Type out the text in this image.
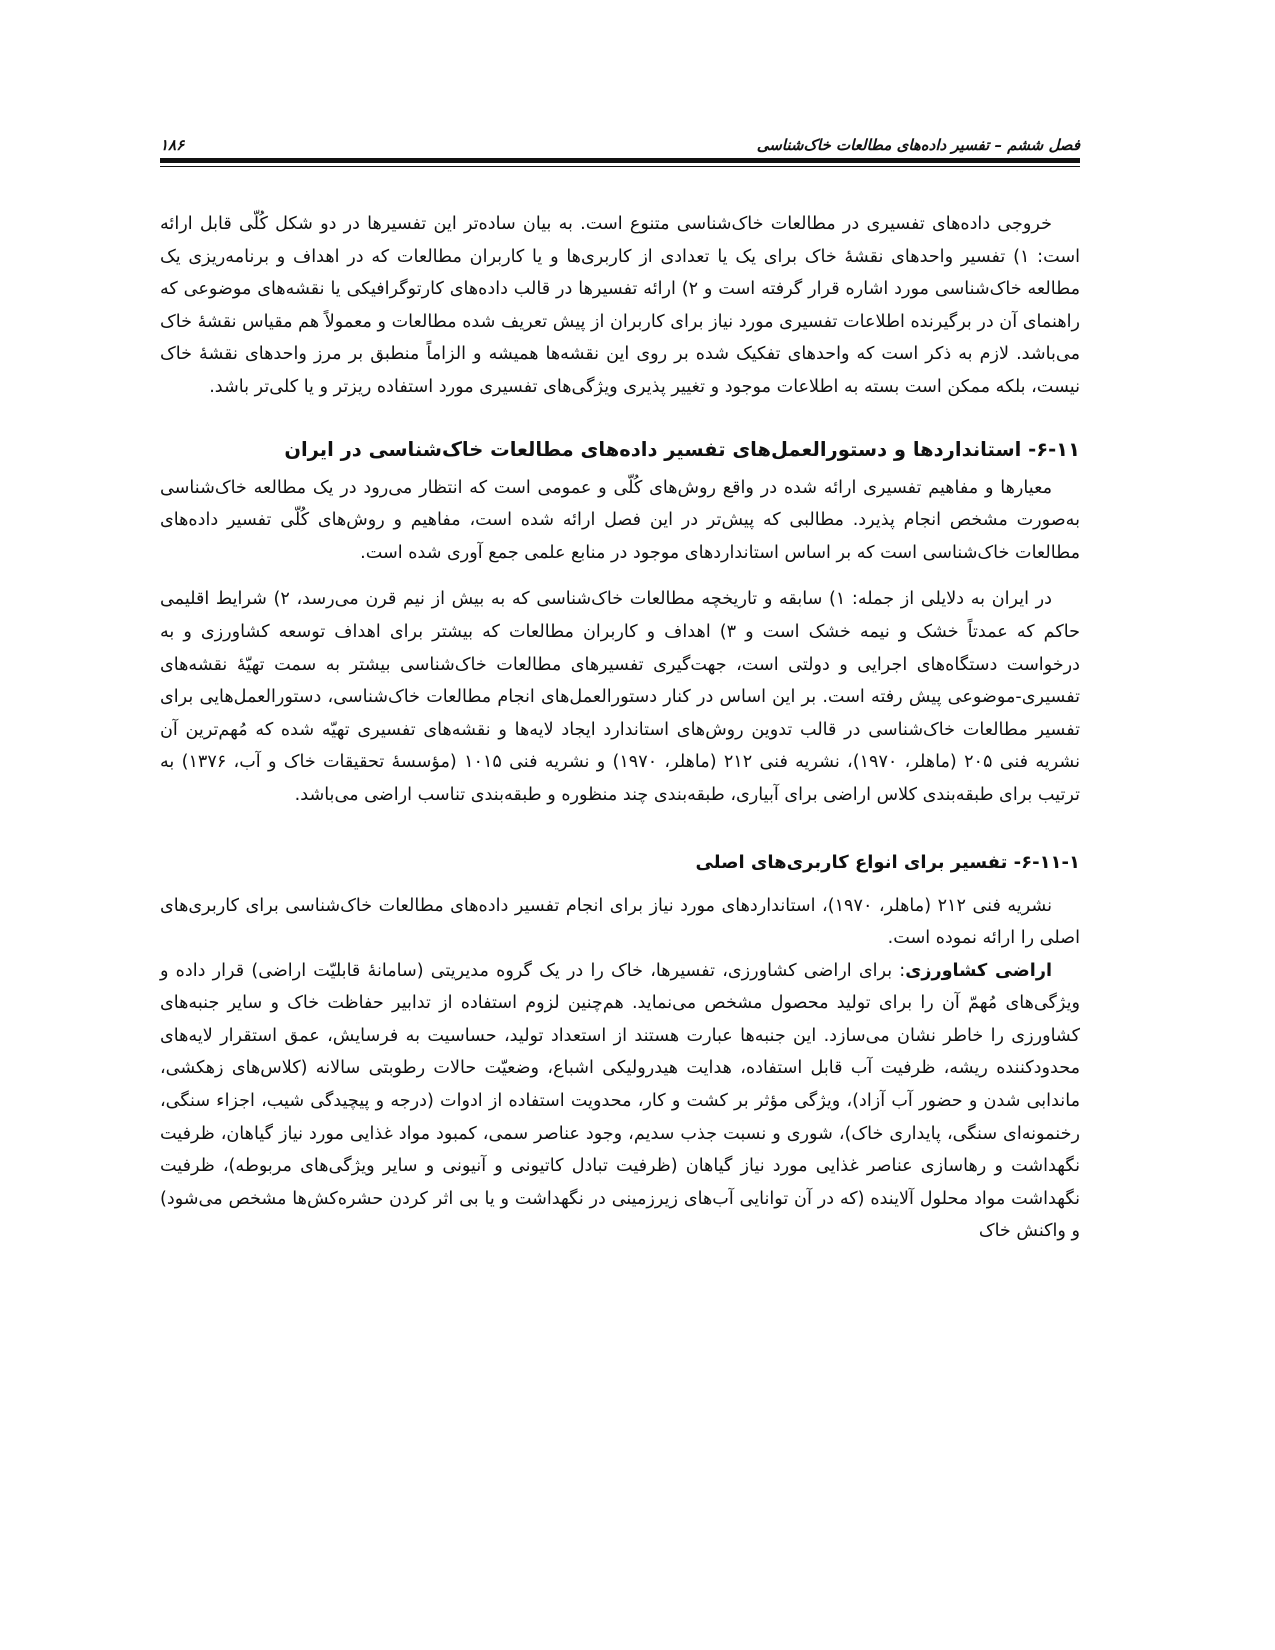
فصل ششم – تفسیر داده‌های مطالعات خاک‌شناسی
۱۸۶

خروجی داده‌های تفسیری در مطالعات خاک‌شناسی متنوع است. به بیان ساده‌تر این تفسیرها در دو شکل کُلّی قابل ارائه است: ۱) تفسیر واحدهای نقشهٔ خاک برای یک یا تعدادی از کاربری‌ها و یا کاربران مطالعات که در اهداف و برنامه‌ریزی یک مطالعه خاک‌شناسی مورد اشاره قرار گرفته است و ۲) ارائه تفسیرها در قالب داده‌های کارتوگرافیکی یا نقشه‌های موضوعی که راهنمای آن در برگیرنده اطلاعات تفسیری مورد نیاز برای کاربران از پیش تعریف شده مطالعات و معمولاً هم مقیاس نقشهٔ خاک می‌باشد. لازم به ذکر است که واحدهای تفکیک شده بر روی این نقشه‌ها همیشه و الزاماً منطبق بر مرز واحدهای نقشهٔ خاک نیست، بلکه ممکن است بسته به اطلاعات موجود و تغییر پذیری ویژگی‌های تفسیری مورد استفاده ریزتر و یا کلی‌تر باشد.

۶-۱۱- استانداردها و دستورالعمل‌های تفسیر داده‌های مطالعات خاک‌شناسی در ایران

معیارها و مفاهیم تفسیری ارائه شده در واقع روش‌های کُلّی و عمومی است که انتظار می‌رود در یک مطالعه خاک‌شناسی به‌صورت مشخص انجام پذیرد. مطالبی که پیش‌تر در این فصل ارائه شده است، مفاهیم و روش‌های کُلّی تفسیر داده‌های مطالعات خاک‌شناسی است که بر اساس استانداردهای موجود در منابع علمی جمع آوری شده است.

در ایران به دلایلی از جمله: ۱) سابقه و تاریخچه مطالعات خاک‌شناسی که به بیش از نیم قرن می‌رسد، ۲) شرایط اقلیمی حاکم که عمدتاً خشک و نیمه خشک است و ۳) اهداف و کاربران مطالعات که بیشتر برای اهداف توسعه کشاورزی و به درخواست دستگاه‌های اجرایی و دولتی است، جهت‌گیری تفسیرهای مطالعات خاک‌شناسی بیشتر به سمت تهیّهٔ نقشه‌های تفسیری-موضوعی پیش رفته است. بر این اساس در کنار دستورالعمل‌های انجام مطالعات خاک‌شناسی، دستورالعمل‌هایی برای تفسیر مطالعات خاک‌شناسی در قالب تدوین روش‌های استاندارد ایجاد لایه‌ها و نقشه‌های تفسیری تهیّه شده که مُهم‌ترین آن نشریه فنی ۲۰۵ (ماهلر، ۱۹۷۰)، نشریه فنی ۲۱۲ (ماهلر، ۱۹۷۰) و نشریه فنی ۱۰۱۵ (مؤسسهٔ تحقیقات خاک و آب، ۱۳۷۶) به ترتیب برای طبقه‌بندی کلاس اراضی برای آبیاری، طبقه‌بندی چند منظوره و طبقه‌بندی تناسب اراضی می‌باشد.

۶-۱۱-۱- تفسیر برای انواع کاربری‌های اصلی

نشریه فنی ۲۱۲ (ماهلر، ۱۹۷۰)، استانداردهای مورد نیاز برای انجام تفسیر داده‌های مطالعات خاک‌شناسی برای کاربری‌های اصلی را ارائه نموده است.

اراضی کشاورزی: برای اراضی کشاورزی، تفسیرها، خاک را در یک گروه مدیریتی (سامانهٔ قابلیّت اراضی) قرار داده و ویژگی‌های مُهمّ آن را برای تولید محصول مشخص می‌نماید. هم‌چنین لزوم استفاده از تدابیر حفاظت خاک و سایر جنبه‌های کشاورزی را خاطر نشان می‌سازد. این جنبه‌ها عبارت هستند از استعداد تولید، حساسیت به فرسایش، عمق استقرار لایه‌های محدودکننده ریشه، ظرفیت آب قابل استفاده، هدایت هیدرولیکی اشباع، وضعیّت حالات رطوبتی سالانه (کلاس‌های زهکشی، ماندابی شدن و حضور آب آزاد)، ویژگی مؤثر بر کشت و کار، محدویت استفاده از ادوات (درجه و پیچیدگی شیب، اجزاء سنگی، رخنمونه‌ای سنگی، پایداری خاک)، شوری و نسبت جذب سدیم، وجود عناصر سمی، کمبود مواد غذایی مورد نیاز گیاهان، ظرفیت نگهداشت و رهاسازی عناصر غذایی مورد نیاز گیاهان (ظرفیت تبادل کاتیونی و آنیونی و سایر ویژگی‌های مربوطه)، ظرفیت نگهداشت مواد محلول آلاینده (که در آن توانایی آب‌های زیرزمینی در نگهداشت و یا بی اثر کردن حشره‌کش‌ها مشخص می‌شود) و واکنش خاک
